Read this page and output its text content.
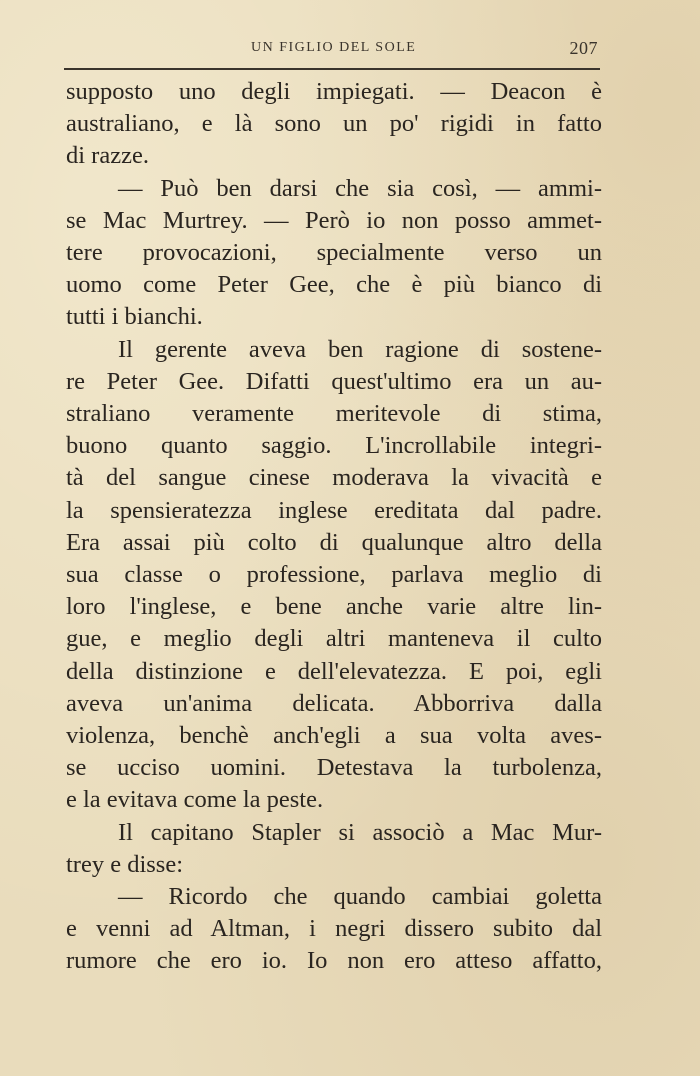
UN FIGLIO DEL SOLE	207

supposto uno degli impiegati. — Deacon è

australiano, e là sono un po' rigidi in fatto

di razze.

— Può ben darsi che sia così, — ammi-

se Mac Murtrey. — Però io non posso ammet-

tere provocazioni, specialmente verso un

uomo come Peter Gee, che è più bianco di

tutti i bianchi.

Il gerente aveva ben ragione di sostene-

re Peter Gee. Difatti quest'ultimo era un au-

straliano veramente meritevole di stima,

buono quanto saggio. L'incrollabile integri-

tà del sangue cinese moderava la vivacità e

la spensieratezza inglese ereditata dal padre.

Era assai più colto di qualunque altro della

sua classe o professione, parlava meglio di

loro l'inglese, e bene anche varie altre lin-

gue, e meglio degli altri manteneva il culto

della distinzione e dell'elevatezza. E poi, egli

aveva un'anima delicata. Abborriva dalla

violenza, benchè anch'egli a sua volta aves-

se ucciso uomini. Detestava la turbolenza,

e la evitava come la peste.

Il capitano Stapler si associò a Mac Mur-

trey e disse:

— Ricordo che quando cambiai goletta

e venni ad Altman, i negri dissero subito dal

rumore che ero io. Io non ero atteso affatto,
